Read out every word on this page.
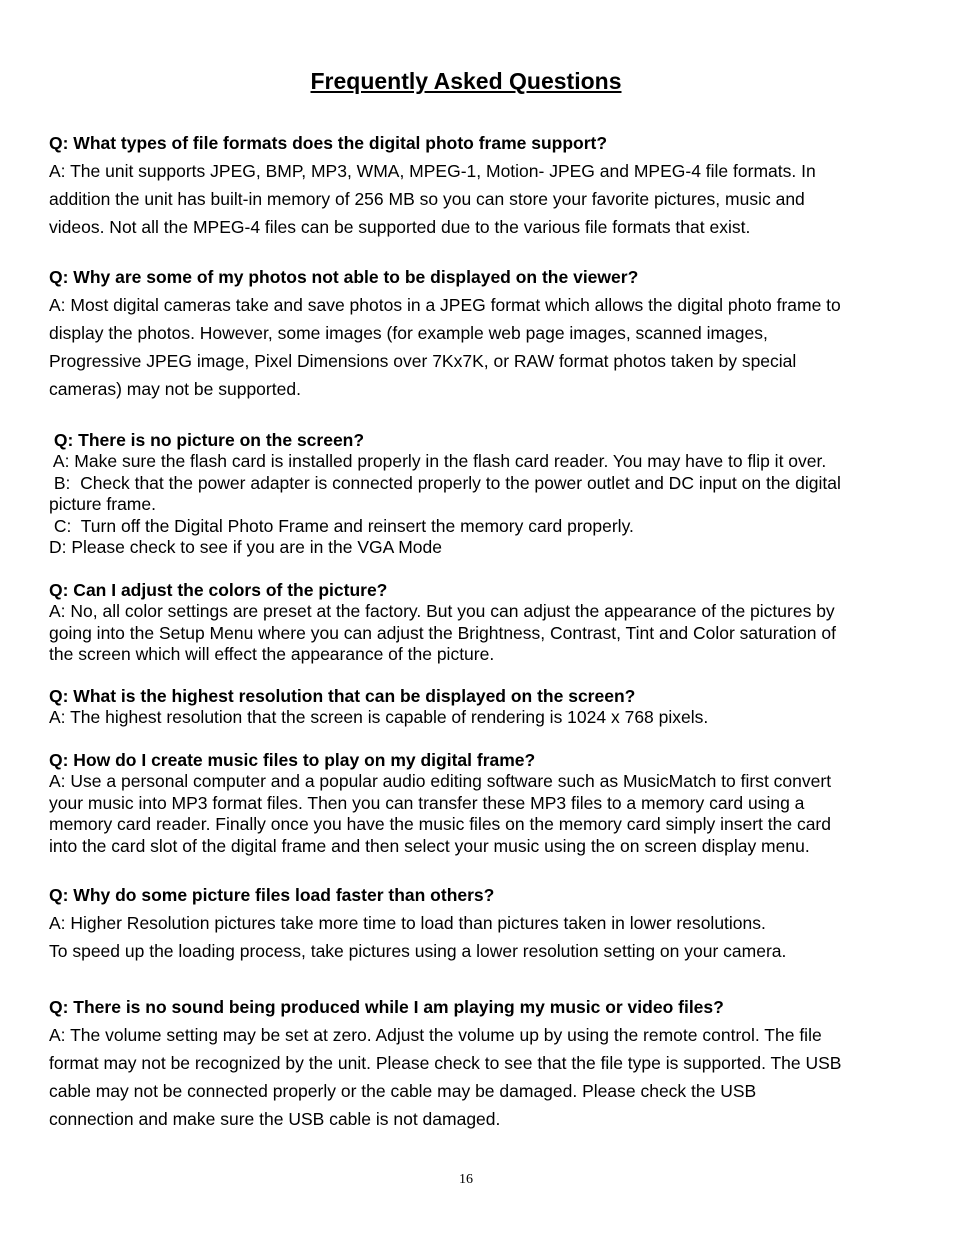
Frequently Asked Questions
Q: What types of file formats does the digital photo frame support?
A: The unit supports JPEG, BMP, MP3, WMA, MPEG-1, Motion- JPEG and MPEG-4 file formats. In
addition the unit has built-in memory of 256 MB so you can store your favorite pictures, music and
videos. Not all the MPEG-4 files can be supported due to the various file formats that exist.
Q: Why are some of my photos not able to be displayed on the viewer?
A: Most digital cameras take and save photos in a JPEG format which allows the digital photo frame to
display the photos. However, some images (for example web page images, scanned images,
Progressive JPEG image, Pixel Dimensions over 7Kx7K, or RAW format photos taken by special
cameras) may not be supported.
Q: There is no picture on the screen?
A: Make sure the flash card is installed properly in the flash card reader. You may have to flip it over.
B:  Check that the power adapter is connected properly to the power outlet and DC input on the digital
picture frame.
C:  Turn off the Digital Photo Frame and reinsert the memory card properly.
D: Please check to see if you are in the VGA Mode
Q: Can I adjust the colors of the picture?
A: No, all color settings are preset at the factory. But you can adjust the appearance of the pictures by
going into the Setup Menu where you can adjust the Brightness, Contrast, Tint and Color saturation of
the screen which will effect the appearance of the picture.
Q: What is the highest resolution that can be displayed on the screen?
A: The highest resolution that the screen is capable of rendering is 1024 x 768 pixels.
Q: How do I create music files to play on my digital frame?
A: Use a personal computer and a popular audio editing software such as MusicMatch to first convert
your music into MP3 format files. Then you can transfer these MP3 files to a memory card using a
memory card reader. Finally once you have the music files on the memory card simply insert the card
into the card slot of the digital frame and then select your music using the on screen display menu.
Q: Why do some picture files load faster than others?
A: Higher Resolution pictures take more time to load than pictures taken in lower resolutions.
To speed up the loading process, take pictures using a lower resolution setting on your camera.
Q: There is no sound being produced while I am playing my music or video files?
A: The volume setting may be set at zero. Adjust the volume up by using the remote control. The file
format may not be recognized by the unit. Please check to see that the file type is supported. The USB
cable may not be connected properly or the cable may be damaged. Please check the USB
connection and make sure the USB cable is not damaged.
16
